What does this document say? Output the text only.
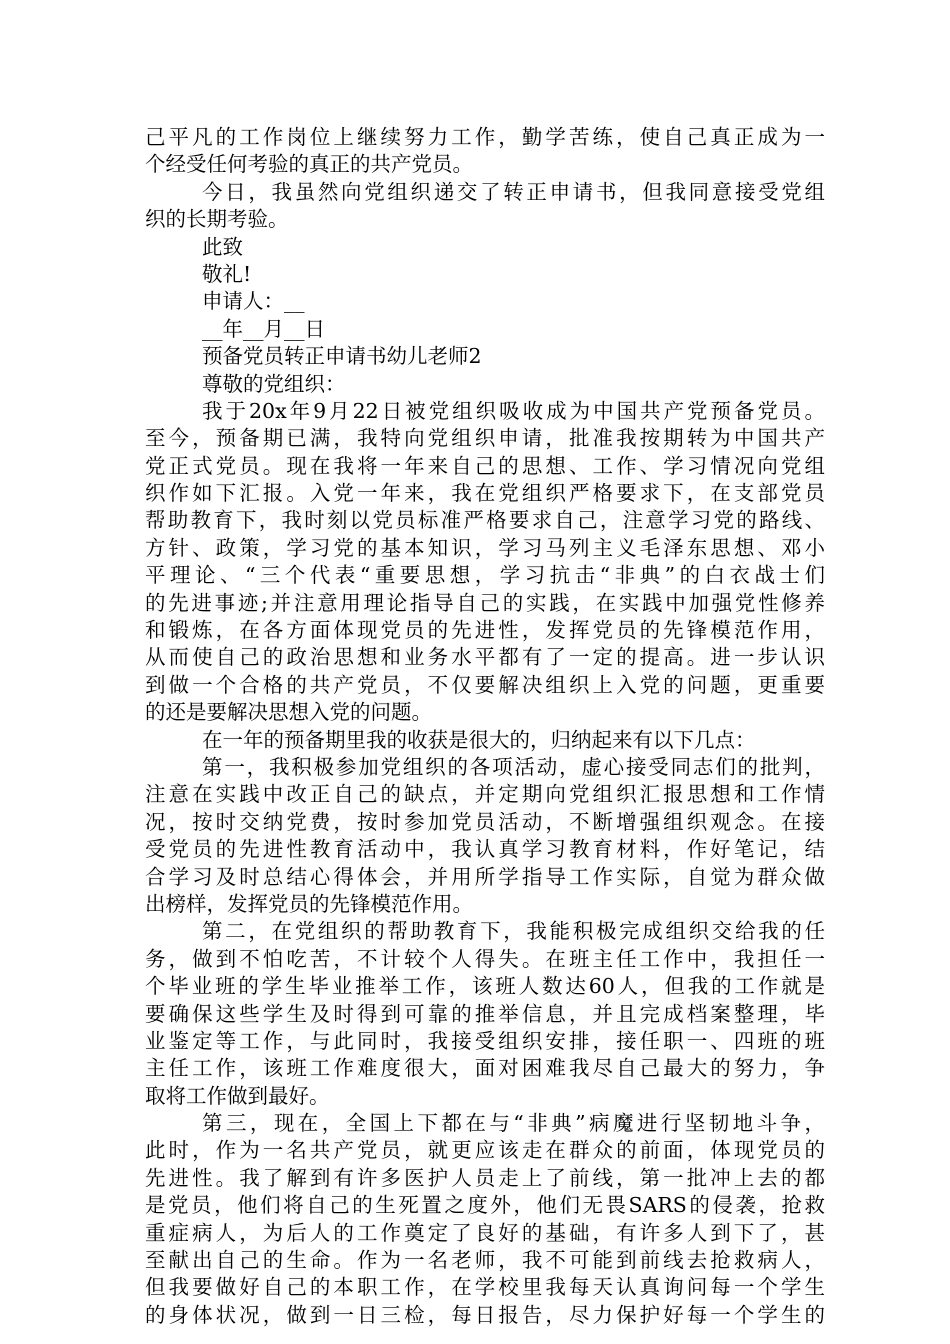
己平凡的工作岗位上继续努力工作，勤学苦练，使自己真正成为一
个经受任何考验的真正的共产党员。
今日，我虽然向党组织递交了转正申请书，但我同意接受党组
织的长期考验。
此致
敬礼!
申请人：__
__年__月__日
预备党员转正申请书幼儿老师2
尊敬的党组织：
我于20x年9月22日被党组织吸收成为中国共产党预备党员。
至今，预备期已满，我特向党组织申请，批准我按期转为中国共产
党正式党员。现在我将一年来自己的思想、工作、学习情况向党组
织作如下汇报。入党一年来，我在党组织严格要求下，在支部党员
帮助教育下，我时刻以党员标准严格要求自己，注意学习党的路线、
方针、政策，学习党的基本知识，学习马列主义毛泽东思想、邓小
平理论、“三个代表“重要思想，学习抗击“非典”的白衣战士们
的先进事迹;并注意用理论指导自己的实践，在实践中加强党性修养
和锻炼，在各方面体现党员的先进性，发挥党员的先锋模范作用，
从而使自己的政治思想和业务水平都有了一定的提高。进一步认识
到做一个合格的共产党员，不仅要解决组织上入党的问题，更重要
的还是要解决思想入党的问题。
在一年的预备期里我的收获是很大的，归纳起来有以下几点：
第一，我积极参加党组织的各项活动，虚心接受同志们的批判，
注意在实践中改正自己的缺点，并定期向党组织汇报思想和工作情
况，按时交纳党费，按时参加党员活动，不断增强组织观念。在接
受党员的先进性教育活动中，我认真学习教育材料，作好笔记，结
合学习及时总结心得体会，并用所学指导工作实际，自觉为群众做
出榜样，发挥党员的先锋模范作用。
第二，在党组织的帮助教育下，我能积极完成组织交给我的任
务，做到不怕吃苦，不计较个人得失。在班主任工作中，我担任一
个毕业班的学生毕业推举工作，该班人数达60人，但我的工作就是
要确保这些学生及时得到可靠的推举信息，并且完成档案整理，毕
业鉴定等工作，与此同时，我接受组织安排，接任职一、四班的班
主任工作，该班工作难度很大，面对困难我尽自己最大的努力，争
取将工作做到最好。
第三，现在，全国上下都在与“非典”病魔进行坚韧地斗争，
此时，作为一名共产党员，就更应该走在群众的前面，体现党员的
先进性。我了解到有许多医护人员走上了前线，第一批冲上去的都
是党员，他们将自己的生死置之度外，他们无畏SARS的侵袭，抢救
重症病人，为后人的工作奠定了良好的基础，有许多人到下了，甚
至献出自己的生命。作为一名老师，我不可能到前线去抢救病人，
但我要做好自己的本职工作，在学校里我每天认真询问每一个学生
的身体状况，做到一日三检，每日报告，尽力保护好每一个学生的
